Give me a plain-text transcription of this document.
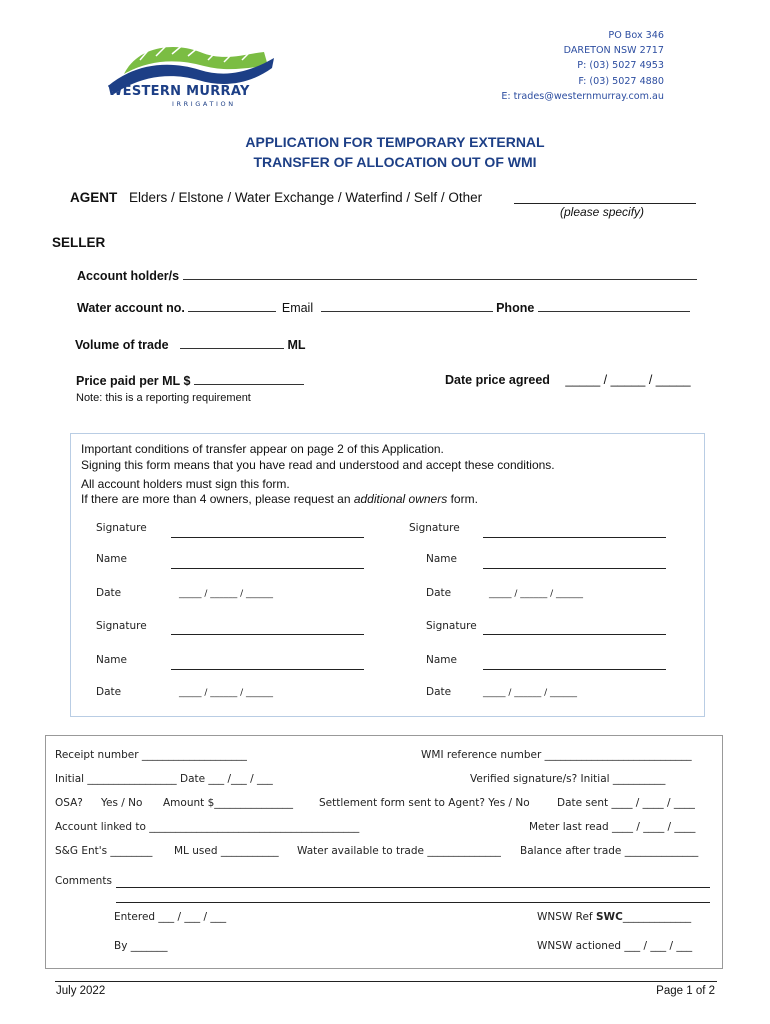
WESTERN MURRAY
IRRIGATION
PO Box 346
DARETON NSW 2717
P: (03) 5027 4953
F: (03) 5027 4880
E: trades@westernmurray.com.au
APPLICATION FOR TEMPORARY EXTERNAL
TRANSFER OF ALLOCATION OUT OF WMI
AGENT Elders / Elstone / Water Exchange / Waterfind / Self / Other
(please specify)
SELLER
Account holder/s
Water account no.	Email	Phone
Volume of trade	ML
Price paid per ML $	Date price agreed _____ / _____ / _____
Note: this is a reporting requirement
Important conditions of transfer appear on page 2 of this Application.
Signing this form means that you have read and understood and accept these conditions.
All account holders must sign this form.
If there are more than 4 owners, please request an additional owners form.
Signature
Name
Date	_____ / ______ / ______
Signature
Name
Date	_____ / ______ / ______
Signature
Name
Date	_____ / ______ / ______
Signature
Name
Date	_____ / ______ / ______
Receipt number ____________________	WMI reference number ____________________________
Initial _________________ Date ___ /___ / ___	Verified signature/s? Initial __________
OSA? Yes / No Amount $_______________ Settlement form sent to Agent? Yes / No	Date sent ____ / ____ / ____
Account linked to ________________________________________	Meter last read ____ / ____ / ____
S&G Ent's ________ ML used ___________ Water available to trade ______________ Balance after trade ______________
Comments
Entered ___ / ___ / ___	WNSW Ref SWC_____________
By _______	WNSW actioned ___ / ___ / ___
July 2022	Page 1 of 2
